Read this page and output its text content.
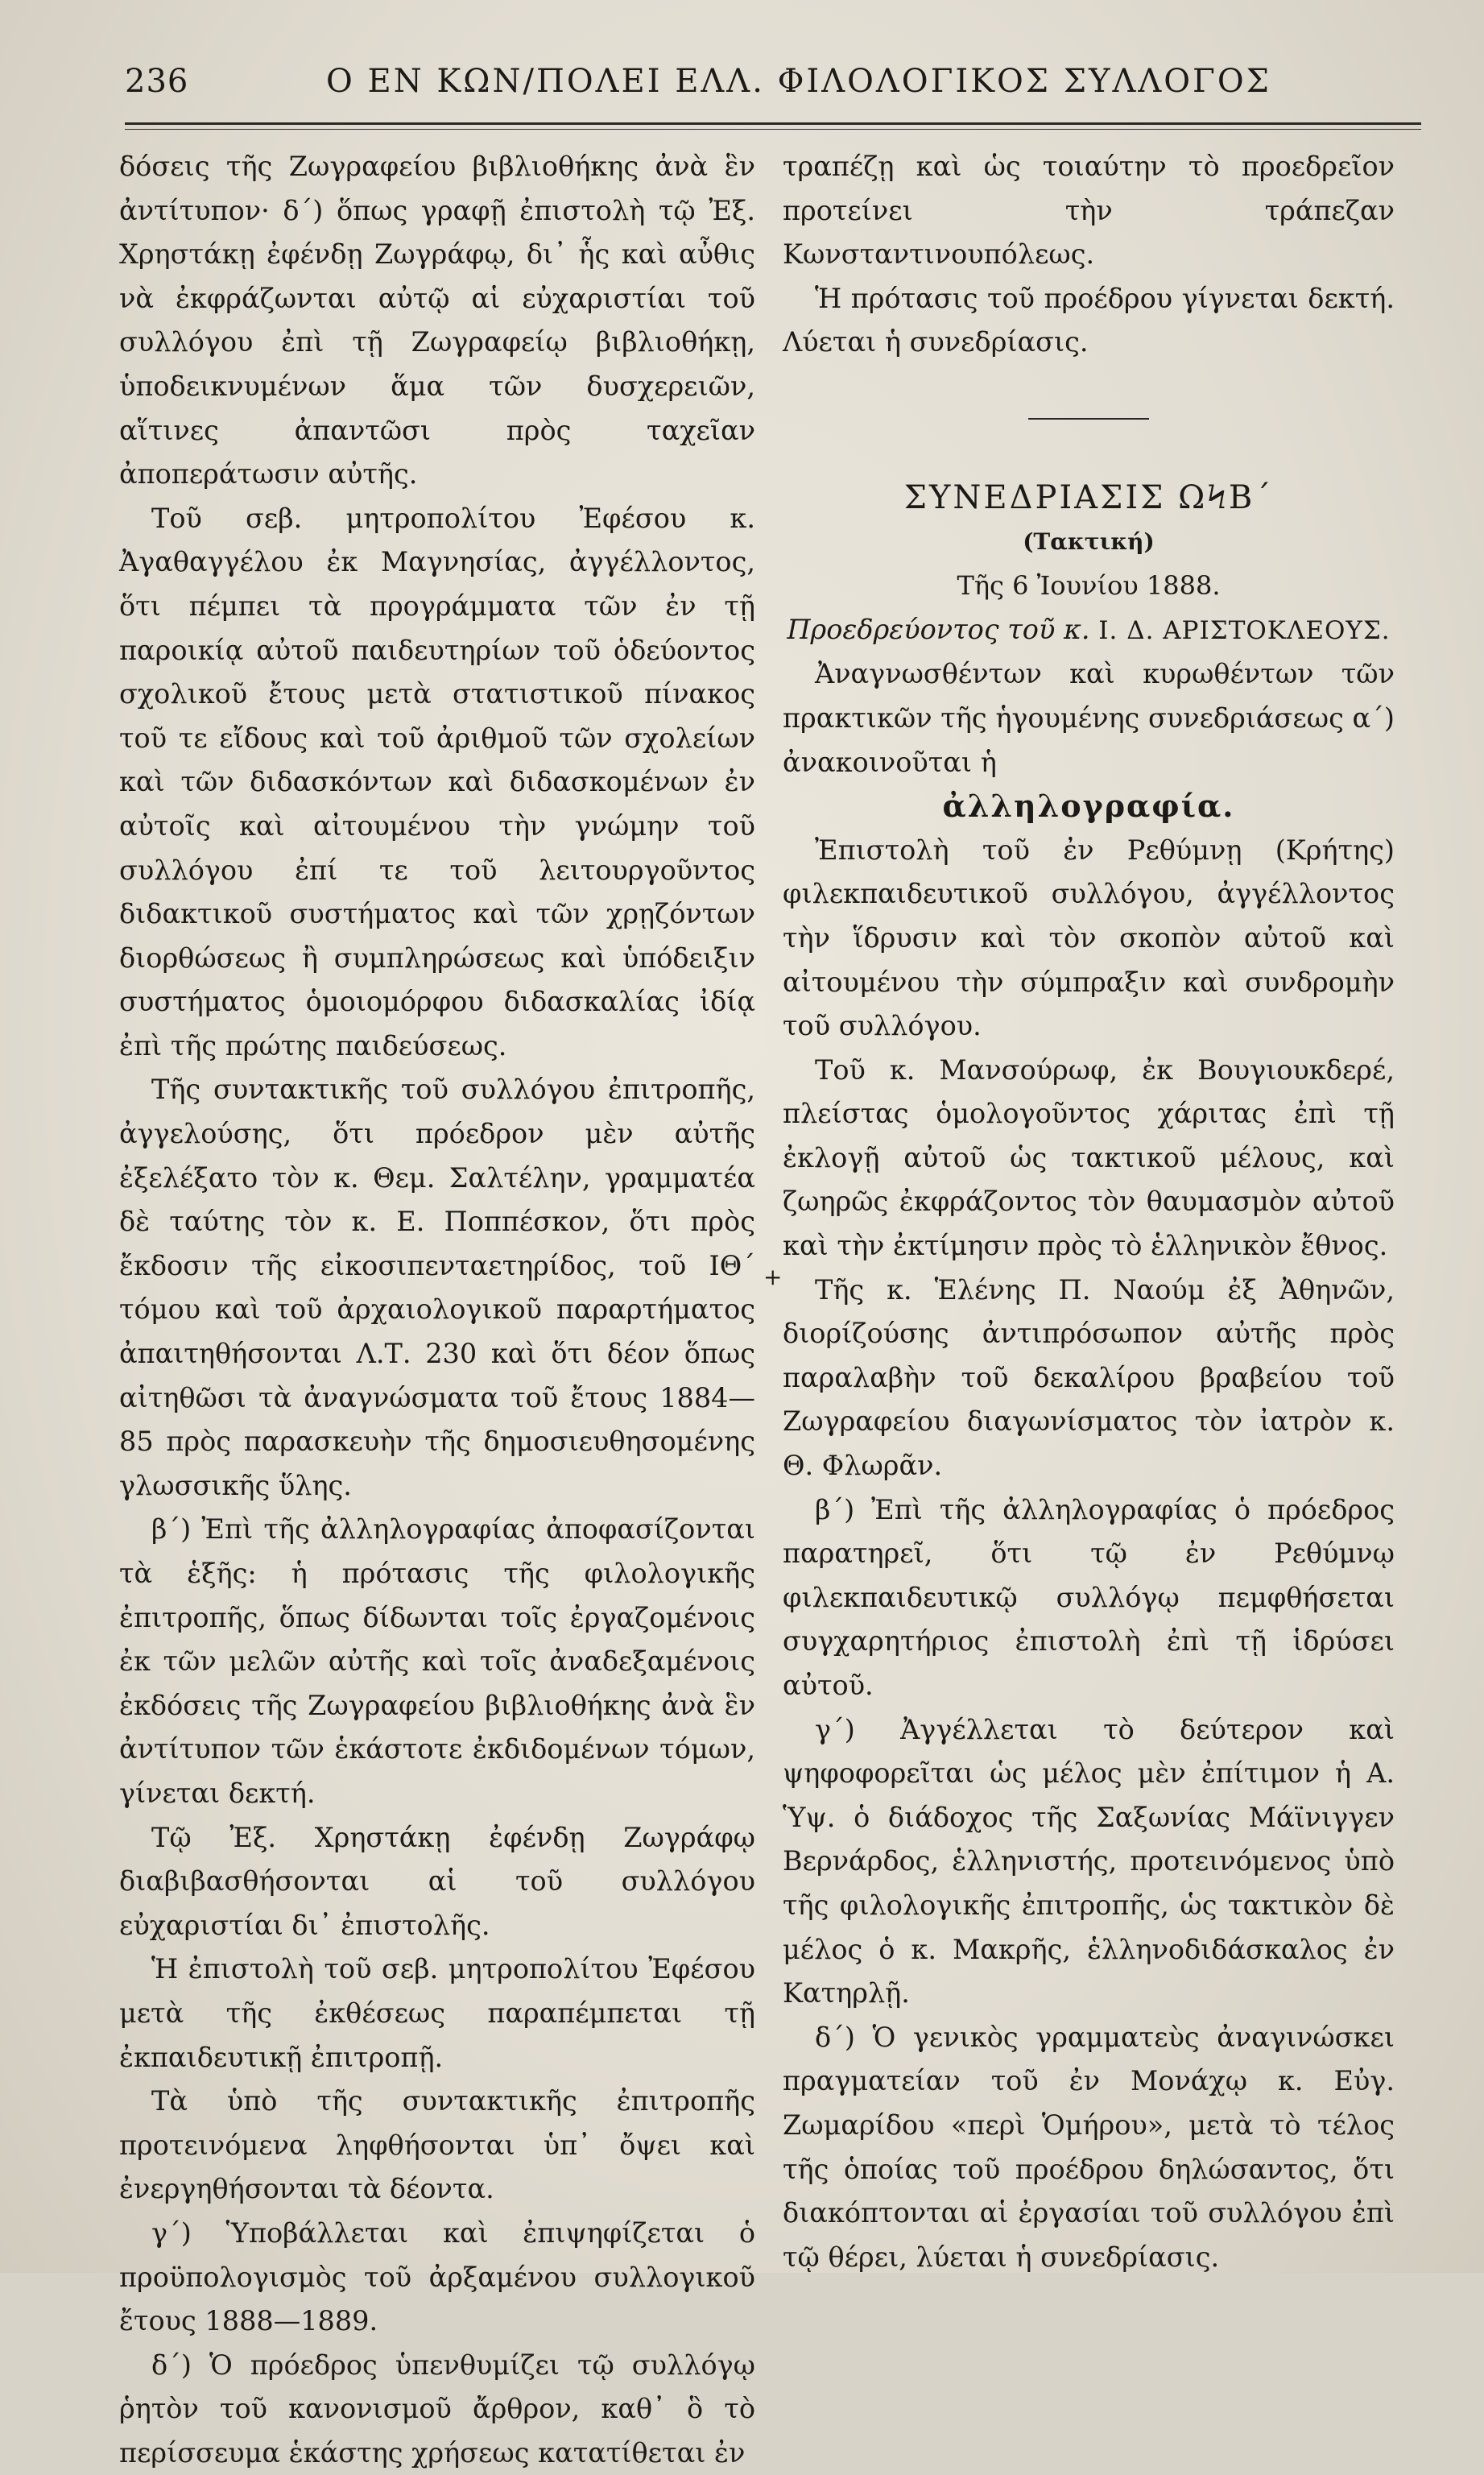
236	Ο ΕΝ ΚΩΝ/ΠΟΛΕΙ ΕΛΛ. ΦΙΛΟΛΟΓΙΚΟΣ ΣΥΛΛΟΓΟΣ

δόσεις τῆς Ζωγραφείου βιβλιοθήκης ἀνὰ ἓν ἀντίτυπον· δ΄) ὅπως γραφῇ ἐπιστολὴ τῷ Ἐξ. Χρηστάκῃ ἐφένδῃ Ζωγράφῳ, δι᾽ ἧς καὶ αὖθις νὰ ἐκφράζωνται αὐτῷ αἱ εὐχαριστίαι τοῦ συλλόγου ἐπὶ τῇ Ζωγραφείῳ βιβλιοθήκῃ, ὑποδεικνυμένων ἅμα τῶν δυσχερειῶν, αἵτινες ἀπαντῶσι πρὸς ταχεῖαν ἀποπεράτωσιν αὐτῆς.

Τοῦ σεβ. μητροπολίτου Ἐφέσου κ. Ἀγαθαγγέλου ἐκ Μαγνησίας, ἀγγέλλοντος, ὅτι πέμπει τὰ προγράμματα τῶν ἐν τῇ παροικίᾳ αὐτοῦ παιδευτηρίων τοῦ ὁδεύοντος σχολικοῦ ἔτους μετὰ στατιστικοῦ πίνακος τοῦ τε εἴδους καὶ τοῦ ἀριθμοῦ τῶν σχολείων καὶ τῶν διδασκόντων καὶ διδασκομένων ἐν αὐτοῖς καὶ αἰτουμένου τὴν γνώμην τοῦ συλλόγου ἐπί τε τοῦ λειτουργοῦντος διδακτικοῦ συστήματος καὶ τῶν χρῃζόντων διορθώσεως ἢ συμπληρώσεως καὶ ὑπόδειξιν συστήματος ὁμοιομόρφου διδασκαλίας ἰδίᾳ ἐπὶ τῆς πρώτης παιδεύσεως.

Τῆς συντακτικῆς τοῦ συλλόγου ἐπιτροπῆς, ἀγγελούσης, ὅτι πρόεδρον μὲν αὐτῆς ἐξελέξατο τὸν κ. Θεμ. Σαλτέλην, γραμματέα δὲ ταύτης τὸν κ. Ε. Ποππέσκον, ὅτι πρὸς ἔκδοσιν τῆς εἰκοσιπενταετηρίδος, τοῦ ΙΘ΄ τόμου καὶ τοῦ ἀρχαιολογικοῦ παραρτήματος ἀπαιτηθήσονται Λ.Τ. 230 καὶ ὅτι δέον ὅπως αἰτηθῶσι τὰ ἀναγνώσματα τοῦ ἔτους 1884—85 πρὸς παρασκευὴν τῆς δημοσιευθησομένης γλωσσικῆς ὕλης.

β΄) Ἐπὶ τῆς ἀλληλογραφίας ἀποφασίζονται τὰ ἑξῆς: ἡ πρότασις τῆς φιλολογικῆς ἐπιτροπῆς, ὅπως δίδωνται τοῖς ἐργαζομένοις ἐκ τῶν μελῶν αὐτῆς καὶ τοῖς ἀναδεξαμένοις ἐκδόσεις τῆς Ζωγραφείου βιβλιοθήκης ἀνὰ ἓν ἀντίτυπον τῶν ἑκάστοτε ἐκδιδομένων τόμων, γίνεται δεκτή.

Τῷ Ἐξ. Χρηστάκῃ ἐφένδῃ Ζωγράφῳ διαβιβασθήσονται αἱ τοῦ συλλόγου εὐχαριστίαι δι᾽ ἐπιστολῆς.

Ἡ ἐπιστολὴ τοῦ σεβ. μητροπολίτου Ἐφέσου μετὰ τῆς ἐκθέσεως παραπέμπεται τῇ ἐκπαιδευτικῇ ἐπιτροπῇ.

Τὰ ὑπὸ τῆς συντακτικῆς ἐπιτροπῆς προτεινόμενα ληφθήσονται ὑπ᾽ ὄψει καὶ ἐνεργηθήσονται τὰ δέοντα.

γ΄) Ὑποβάλλεται καὶ ἐπιψηφίζεται ὁ προϋπολογισμὸς τοῦ ἀρξαμένου συλλογικοῦ ἔτους 1888—1889.

δ΄) Ὁ πρόεδρος ὑπενθυμίζει τῷ συλλόγῳ ῥητὸν τοῦ κανονισμοῦ ἄρθρον, καθ᾽ ὃ τὸ περίσσευμα ἑκάστης χρήσεως κατατίθεται ἐν

+

τραπέζῃ καὶ ὡς τοιαύτην τὸ προεδρεῖον προτείνει τὴν τράπεζαν Κωνσταντινουπόλεως.

Ἡ πρότασις τοῦ προέδρου γίγνεται δεκτή. Λύεται ἡ συνεδρίασις.

ΣΥΝΕΔΡΙΑΣΙΣ ΩϞΒ΄

(Τακτική)

Τῆς 6 Ἰουνίου 1888.

Προεδρεύοντος τοῦ κ. Ι. Δ. ΑΡΙΣΤΟΚΛΕΟΥΣ.

Ἀναγνωσθέντων καὶ κυρωθέντων τῶν πρακτικῶν τῆς ἡγουμένης συνεδριάσεως α΄) ἀνακοινοῦται ἡ

ἀλληλογραφία.

Ἐπιστολὴ τοῦ ἐν Ρεθύμνῃ (Κρήτης) φιλεκπαιδευτικοῦ συλλόγου, ἀγγέλλοντος τὴν ἵδρυσιν καὶ τὸν σκοπὸν αὐτοῦ καὶ αἰτουμένου τὴν σύμπραξιν καὶ συνδρομὴν τοῦ συλλόγου.

Τοῦ κ. Μανσούρωφ, ἐκ Βουγιουκδερέ, πλείστας ὁμολογοῦντος χάριτας ἐπὶ τῇ ἐκλογῇ αὐτοῦ ὡς τακτικοῦ μέλους, καὶ ζωηρῶς ἐκφράζοντος τὸν θαυμασμὸν αὐτοῦ καὶ τὴν ἐκτίμησιν πρὸς τὸ ἑλληνικὸν ἔθνος.

Τῆς κ. Ἑλένης Π. Ναούμ ἐξ Ἀθηνῶν, διορίζούσης ἀντιπρόσωπον αὐτῆς πρὸς παραλαβὴν τοῦ δεκαλίρου βραβείου τοῦ Ζωγραφείου διαγωνίσματος τὸν ἰατρὸν κ. Θ. Φλωρᾶν.

β΄) Ἐπὶ τῆς ἀλληλογραφίας ὁ πρόεδρος παρατηρεῖ, ὅτι τῷ ἐν Ρεθύμνῳ φιλεκπαιδευτικῷ συλλόγῳ πεμφθήσεται συγχαρητήριος ἐπιστολὴ ἐπὶ τῇ ἱδρύσει αὐτοῦ.

γ΄) Ἀγγέλλεται τὸ δεύτερον καὶ ψηφοφορεῖται ὡς μέλος μὲν ἐπίτιμον ἡ Α. Ὑψ. ὁ διάδοχος τῆς Σαξωνίας Μάϊνιγγεν Βερνάρδος, ἑλληνιστής, προτεινόμενος ὑπὸ τῆς φιλολογικῆς ἐπιτροπῆς, ὡς τακτικὸν δὲ μέλος ὁ κ. Μακρῆς, ἑλληνοδιδάσκαλος ἐν Κατηρλῇ.

δ΄) Ὁ γενικὸς γραμματεὺς ἀναγινώσκει πραγματείαν τοῦ ἐν Μονάχῳ κ. Εὐγ. Ζωμαρίδου «περὶ Ὁμήρου», μετὰ τὸ τέλος τῆς ὁποίας τοῦ προέδρου δηλώσαντος, ὅτι διακόπτονται αἱ ἐργασίαι τοῦ συλλόγου ἐπὶ τῷ θέρει, λύεται ἡ συνεδρίασις.
